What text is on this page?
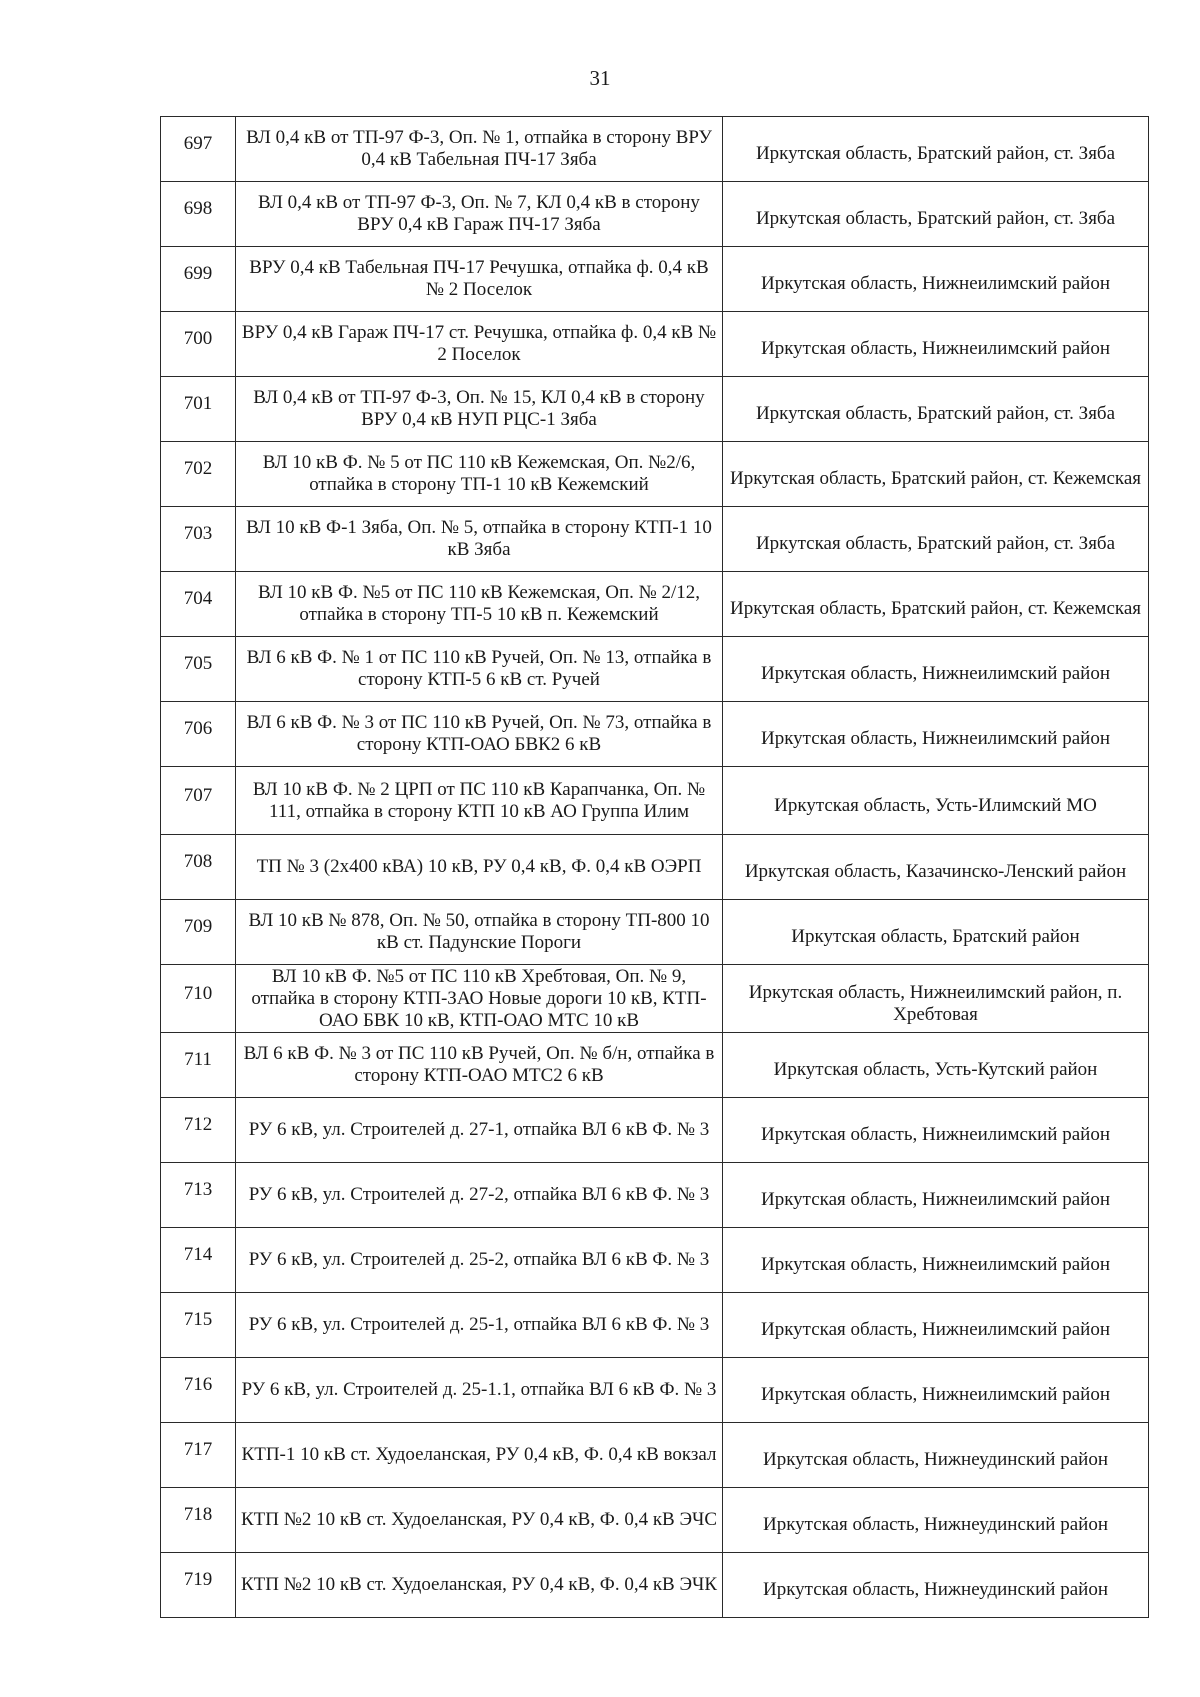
31
697	ВЛ 0,4 кВ от ТП-97 Ф-3, Оп. № 1, отпайка в сторону ВРУ 0,4 кВ Табельная ПЧ-17 Зяба	Иркутская область, Братский район, ст. Зяба
698	ВЛ 0,4 кВ от ТП-97 Ф-3, Оп. № 7, КЛ 0,4 кВ в сторону ВРУ 0,4 кВ Гараж ПЧ-17 Зяба	Иркутская область, Братский район, ст. Зяба
699	ВРУ 0,4 кВ Табельная ПЧ-17 Речушка, отпайка ф. 0,4 кВ № 2 Поселок	Иркутская область, Нижнеилимский район
700	ВРУ 0,4 кВ Гараж ПЧ-17 ст. Речушка, отпайка ф. 0,4 кВ № 2 Поселок	Иркутская область, Нижнеилимский район
701	ВЛ 0,4 кВ от ТП-97 Ф-3, Оп. № 15, КЛ 0,4 кВ в сторону ВРУ 0,4 кВ НУП РЦС-1 Зяба	Иркутская область, Братский район, ст. Зяба
702	ВЛ 10 кВ Ф. № 5 от ПС 110 кВ Кежемская, Оп. №2/6, отпайка в сторону ТП-1 10 кВ Кежемский	Иркутская область, Братский район, ст. Кежемская
703	ВЛ 10 кВ Ф-1 Зяба, Оп. № 5, отпайка в сторону КТП-1 10 кВ Зяба	Иркутская область, Братский район, ст. Зяба
704	ВЛ 10 кВ Ф. №5 от ПС 110 кВ Кежемская, Оп. № 2/12, отпайка в сторону ТП-5 10 кВ п. Кежемский	Иркутская область, Братский район, ст. Кежемская
705	ВЛ 6 кВ Ф. № 1 от ПС 110 кВ Ручей, Оп. № 13, отпайка в сторону КТП-5 6 кВ ст. Ручей	Иркутская область, Нижнеилимский район
706	ВЛ 6 кВ Ф. № 3 от ПС 110 кВ Ручей, Оп. № 73, отпайка в сторону КТП-ОАО БВК2 6 кВ	Иркутская область, Нижнеилимский район
707	ВЛ 10 кВ Ф. № 2 ЦРП от ПС 110 кВ Карапчанка, Оп. № 111, отпайка в сторону КТП 10 кВ АО Группа Илим	Иркутская область, Усть-Илимский МО
708	ТП № 3 (2х400 кВА) 10 кВ, РУ 0,4 кВ, Ф. 0,4 кВ ОЭРП	Иркутская область, Казачинско-Ленский район
709	ВЛ 10 кВ № 878, Оп. № 50, отпайка в сторону ТП-800 10 кВ ст. Падунские Пороги	Иркутская область, Братский район
710	ВЛ 10 кВ Ф. №5 от ПС 110 кВ Хребтовая, Оп. № 9, отпайка в сторону КТП-ЗАО Новые дороги 10 кВ, КТП- ОАО БВК 10 кВ, КТП-ОАО МТС 10 кВ	Иркутская область, Нижнеилимский район, п. Хребтовая
711	ВЛ 6 кВ Ф. № 3 от ПС 110 кВ Ручей, Оп. № б/н, отпайка в сторону КТП-ОАО МТС2 6 кВ	Иркутская область, Усть-Кутский район
712	РУ 6 кВ, ул. Строителей д. 27-1, отпайка ВЛ 6 кВ Ф. № 3	Иркутская область, Нижнеилимский район
713	РУ 6 кВ, ул. Строителей д. 27-2, отпайка ВЛ 6 кВ Ф. № 3	Иркутская область, Нижнеилимский район
714	РУ 6 кВ, ул. Строителей д. 25-2, отпайка ВЛ 6 кВ Ф. № 3	Иркутская область, Нижнеилимский район
715	РУ 6 кВ, ул. Строителей д. 25-1, отпайка ВЛ 6 кВ Ф. № 3	Иркутская область, Нижнеилимский район
716	РУ 6 кВ, ул. Строителей д. 25-1.1, отпайка ВЛ 6 кВ Ф. № 3	Иркутская область, Нижнеилимский район
717	КТП-1 10 кВ ст. Худоеланская, РУ 0,4 кВ, Ф. 0,4 кВ вокзал	Иркутская область, Нижнеудинский район
718	КТП №2 10 кВ ст. Худоеланская, РУ 0,4 кВ, Ф. 0,4 кВ ЭЧС	Иркутская область, Нижнеудинский район
719	КТП №2 10 кВ ст. Худоеланская, РУ 0,4 кВ, Ф. 0,4 кВ ЭЧК	Иркутская область, Нижнеудинский район
